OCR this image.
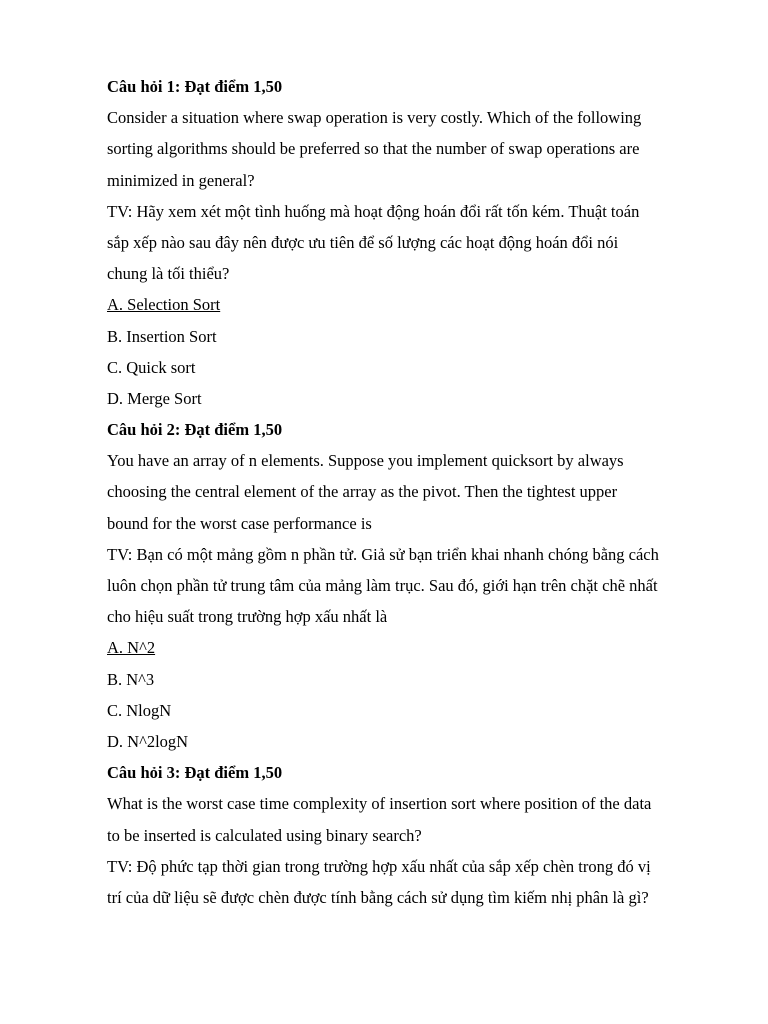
Câu hỏi 1: Đạt điểm 1,50
Consider a situation where swap operation is very costly. Which of the following
sorting algorithms should be preferred so that the number of swap operations are
minimized in general?
TV: Hãy xem xét một tình huống mà hoạt động hoán đổi rất tốn kém. Thuật toán
sắp xếp nào sau đây nên được ưu tiên để số lượng các hoạt động hoán đổi nói
chung là tối thiểu?
A. Selection Sort
B. Insertion Sort
C. Quick sort
D. Merge Sort
Câu hỏi 2: Đạt điểm 1,50
You have an array of n elements. Suppose you implement quicksort by always
choosing the central element of the array as the pivot. Then the tightest upper
bound for the worst case performance is
TV: Bạn có một mảng gồm n phần tử. Giả sử bạn triển khai nhanh chóng bằng cách
luôn chọn phần tử trung tâm của mảng làm trục. Sau đó, giới hạn trên chặt chẽ nhất
cho hiệu suất trong trường hợp xấu nhất là
A. N^2
B. N^3
C. NlogN
D. N^2logN
Câu hỏi 3: Đạt điểm 1,50
What is the worst case time complexity of insertion sort where position of the data
to be inserted is calculated using binary search?
TV: Độ phức tạp thời gian trong trường hợp xấu nhất của sắp xếp chèn trong đó vị
trí của dữ liệu sẽ được chèn được tính bằng cách sử dụng tìm kiếm nhị phân là gì?
